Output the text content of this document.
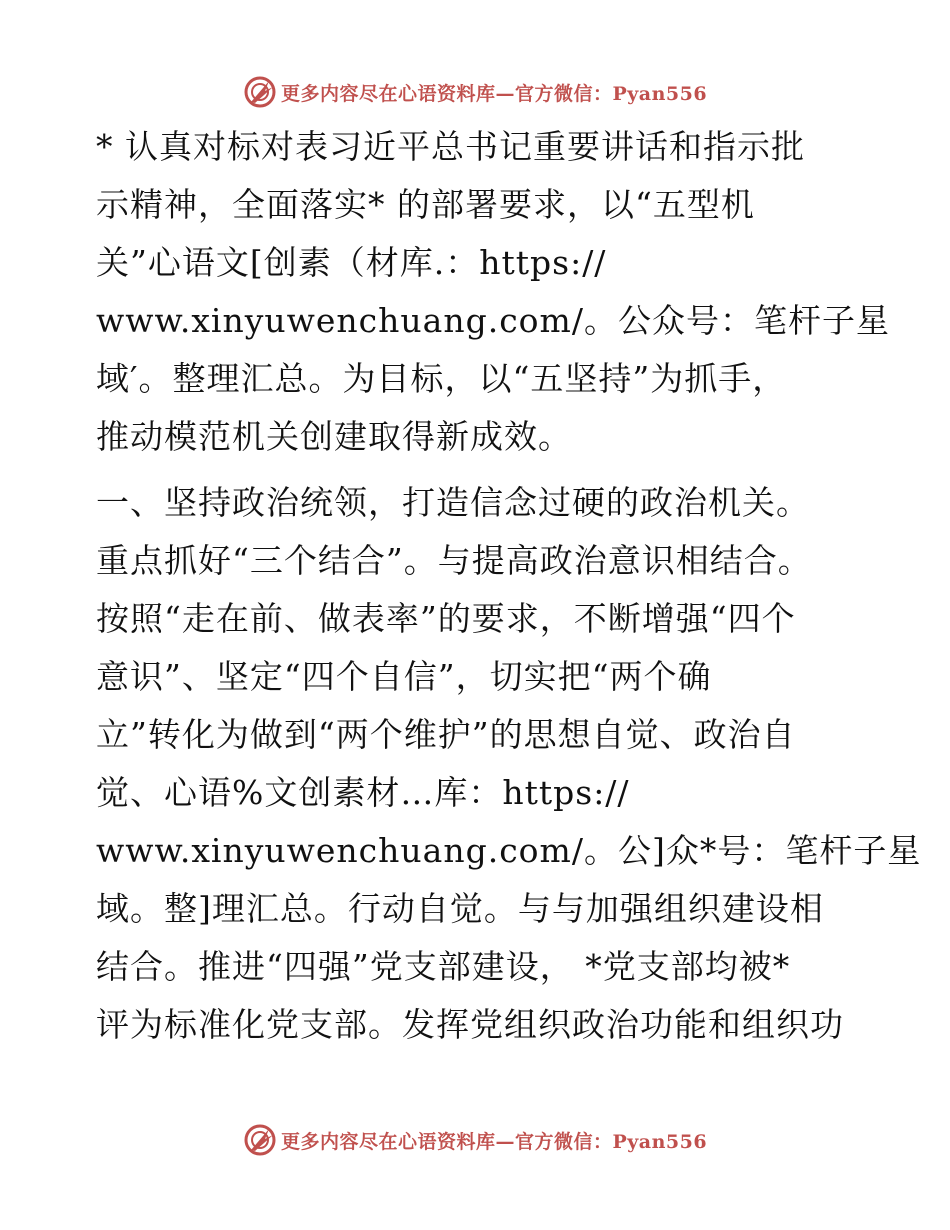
更多内容尽在心语资料库—官方微信：Pyan556
* 认真对标对表习近平总书记重要讲话和指示批
示精神，全面落实* 的部署要求，以“五型机
关”心语文[创素（材库.：https://
www.xinyuwenchuang.com/。公众号：笔杆子星
域′。整理汇总。为目标，以“五坚持”为抓手，
推动模范机关创建取得新成效。
一、坚持政治统领，打造信念过硬的政治机关。
重点抓好“三个结合”。与提高政治意识相结合。
按照“走在前、做表率”的要求，不断增强“四个
意识”、坚定“四个自信”，切实把“两个确
立”转化为做到“两个维护”的思想自觉、政治自
觉、心语%文创素材…库：https://
www.xinyuwenchuang.com/。公]众*号：笔杆子星
域。整]理汇总。行动自觉。与与加强组织建设相
结合。推进“四强”党支部建设， *党支部均被*
评为标准化党支部。发挥党组织政治功能和组织功
更多内容尽在心语资料库—官方微信：Pyan556
